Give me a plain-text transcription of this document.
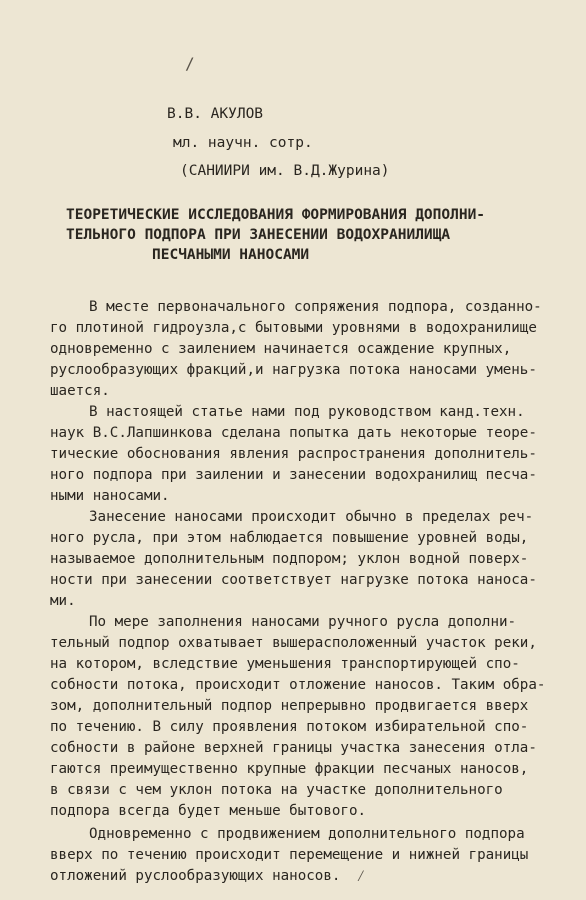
/
В.В. АКУЛОВ
мл. научн. сотр.
(САНИИРИ им. В.Д.Журина)
ТЕОРЕТИЧЕСКИЕ ИССЛЕДОВАНИЯ ФОРМИРОВАНИЯ ДОПОЛНИ-
ТЕЛЬНОГО ПОДПОРА ПРИ ЗАНЕСЕНИИ ВОДОХРАНИЛИЩА
ПЕСЧАНЫМИ НАНОСАМИ
В месте первоначального сопряжения подпора, созданно-
го плотиной гидроузла,с бытовыми уровнями в водохранилище
одновременно с заилением начинается осаждение крупных,
руслообразующих фракций,и нагрузка потока наносами умень-
шается.
В настоящей статье нами под руководством канд.техн.
наук В.С.Лапшинкова сделана попытка дать некоторые теоре-
тические обоснования явления распространения дополнитель-
ного подпора при заилении и занесении водохранилищ песча-
ными наносами.
Занесение наносами происходит обычно в пределах реч-
ного русла, при этом наблюдается повышение уровней воды,
называемое дополнительным подпором; уклон водной поверх-
ности при занесении соответствует нагрузке потока наноса-
ми.
По мере заполнения наносами ручного русла дополни-
тельный подпор охватывает вышерасположенный участок реки,
на котором, вследствие уменьшения транспортирующей спо-
собности потока, происходит отложение наносов. Таким обра-
зом, дополнительный подпор непрерывно продвигается вверх
по течению. В силу проявления потоком избирательной спо-
собности в районе верхней границы участка занесения отла-
гаются преимущественно крупные фракции песчаных наносов,
в связи с чем уклон потока на участке дополнительного
подпора всегда будет меньше бытового.
Одновременно с продвижением дополнительного подпора
вверх по течению происходит перемещение и нижней границы
отложений руслообразующих наносов. ⁄
